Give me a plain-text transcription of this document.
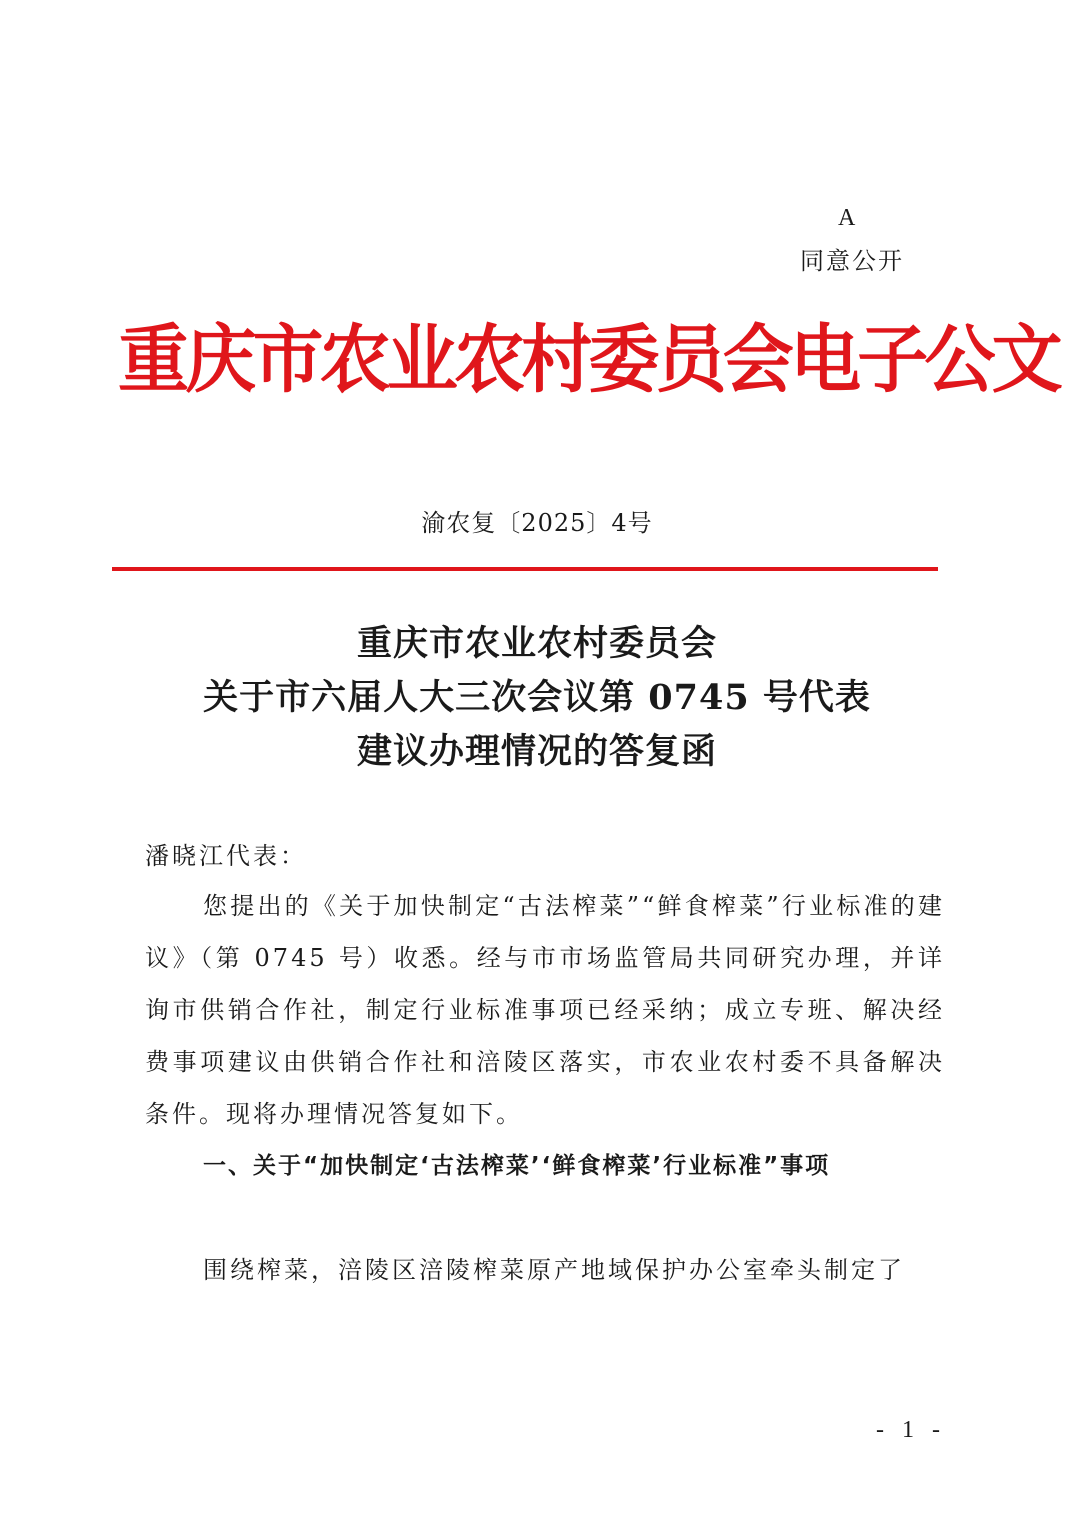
A
同意公开
重庆市农业农村委员会电子公文
渝农复〔2025〕4号
重庆市农业农村委员会
关于市六届人大三次会议第 0745 号代表
建议办理情况的答复函
潘晓江代表：
您提出的《关于加快制定“古法榨菜”“鲜食榨菜”行业标准的建议》（第 0745 号）收悉。经与市市场监管局共同研究办理，并详询市供销合作社，制定行业标准事项已经采纳；成立专班、解决经费事项建议由供销合作社和涪陵区落实，市农业农村委不具备解决条件。现将办理情况答复如下。
一、关于“加快制定‘古法榨菜’‘鲜食榨菜’行业标准”事项
围绕榨菜，涪陵区涪陵榨菜原产地域保护办公室牵头制定了
- 1 -
